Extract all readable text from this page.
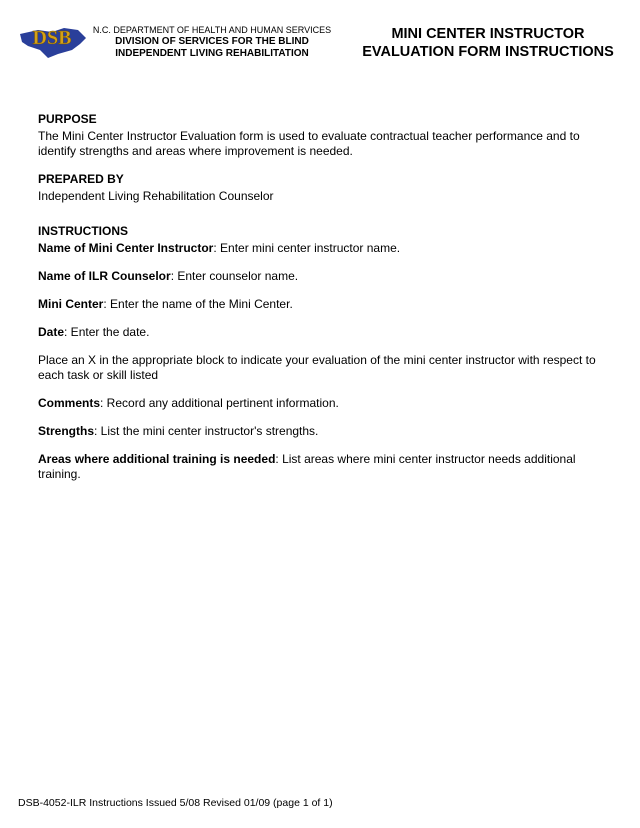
DSB N.C. DEPARTMENT OF HEALTH AND HUMAN SERVICES
DIVISION OF SERVICES FOR THE BLIND
INDEPENDENT LIVING REHABILITATION
MINI CENTER INSTRUCTOR
EVALUATION FORM INSTRUCTIONS
PURPOSE

The Mini Center Instructor Evaluation form is used to evaluate contractual teacher performance and to identify strengths and areas where improvement is needed.

PREPARED BY

Independent Living Rehabilitation Counselor

INSTRUCTIONS

Name of Mini Center Instructor: Enter mini center instructor name.

Name of ILR Counselor: Enter counselor name.

Mini Center: Enter the name of the Mini Center.

Date: Enter the date.

Place an X in the appropriate block to indicate your evaluation of the mini center instructor with respect to each task or skill listed

Comments: Record any additional pertinent information.

Strengths: List the mini center instructor's strengths.

Areas where additional training is needed: List areas where mini center instructor needs additional training.

DSB-4052-ILR Instructions Issued 5/08 Revised 01/09 (page 1 of 1)
